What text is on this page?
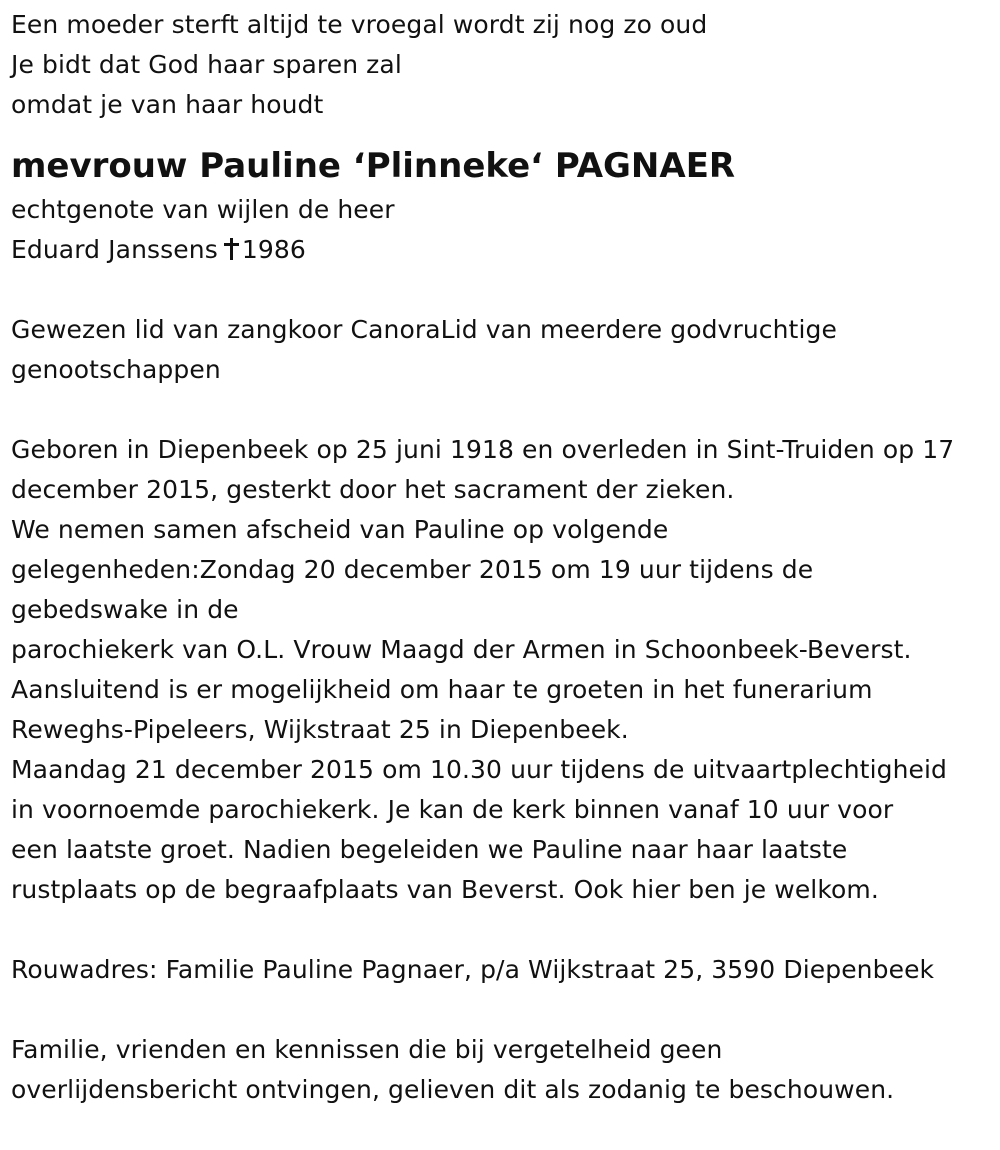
Een moeder sterft altijd te vroegal wordt zij nog zo oud
Je bidt dat God haar sparen zal
omdat je van haar houdt
mevrouw Pauline ‘Plinneke‘ PAGNAER
echtgenote van wijlen de heer
Eduard Janssens 1986
Gewezen lid van zangkoor CanoraLid van meerdere godvruchtige
genootschappen
Geboren in Diepenbeek op 25 juni 1918 en overleden in Sint-Truiden op 17
december 2015, gesterkt door het sacrament der zieken.
We nemen samen afscheid van Pauline op volgende
gelegenheden:Zondag 20 december 2015 om 19 uur tijdens de
gebedswake in de
parochiekerk van O.L. Vrouw Maagd der Armen in Schoonbeek-Beverst.
Aansluitend is er mogelijkheid om haar te groeten in het funerarium
Reweghs-Pipeleers, Wijkstraat 25 in Diepenbeek.
Maandag 21 december 2015 om 10.30 uur tijdens de uitvaartplechtigheid
in voornoemde parochiekerk. Je kan de kerk binnen vanaf 10 uur voor
een laatste groet. Nadien begeleiden we Pauline naar haar laatste
rustplaats op de begraafplaats van Beverst. Ook hier ben je welkom.
Rouwadres: Familie Pauline Pagnaer, p/a Wijkstraat 25, 3590 Diepenbeek
Familie, vrienden en kennissen die bij vergetelheid geen
overlijdensbericht ontvingen, gelieven dit als zodanig te beschouwen.
